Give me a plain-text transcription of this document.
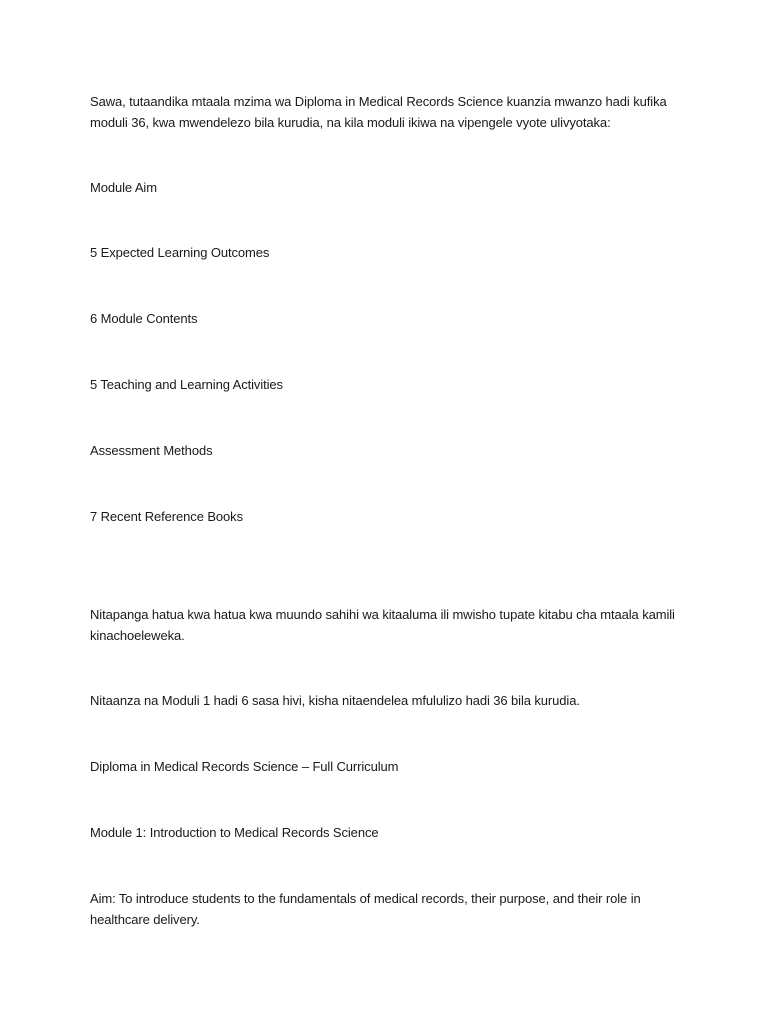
Sawa, tutaandika mtaala mzima wa Diploma in Medical Records Science kuanzia mwanzo hadi kufika moduli 36, kwa mwendelezo bila kurudia, na kila moduli ikiwa na vipengele vyote ulivyotaka:

Module Aim

5 Expected Learning Outcomes

6 Module Contents

5 Teaching and Learning Activities

Assessment Methods

7 Recent Reference Books

Nitapanga hatua kwa hatua kwa muundo sahihi wa kitaaluma ili mwisho tupate kitabu cha mtaala kamili kinachoeleweka.

Nitaanza na Moduli 1 hadi 6 sasa hivi, kisha nitaendelea mfululizo hadi 36 bila kurudia.

Diploma in Medical Records Science – Full Curriculum

Module 1: Introduction to Medical Records Science

Aim: To introduce students to the fundamentals of medical records, their purpose, and their role in healthcare delivery.
